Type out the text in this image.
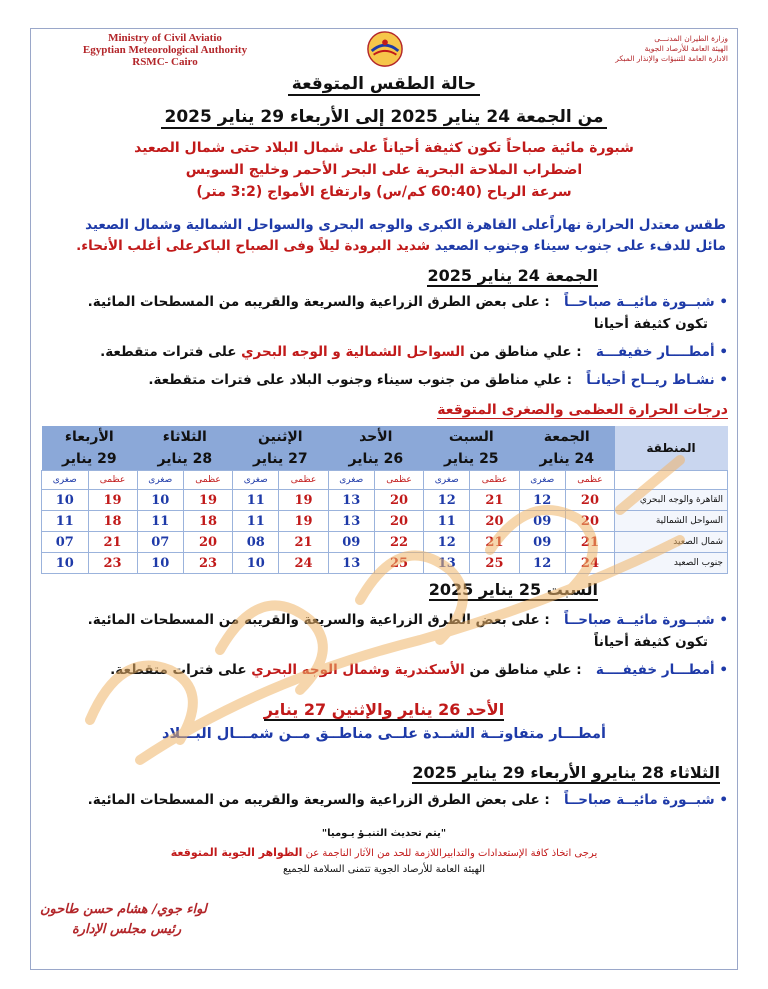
Ministry of Civil Aviatio
Egyptian Meteorological Authority
RSMC- Cairo
وزارة الطيران المدنـــى
الهيئة العامة للأرصاد الجوية
الادارة العامة للتنبؤات والإنذار المبكر
حالة الطقس المتوقعة
من الجمعة 24 يناير 2025 إلى الأربعاء 29 يناير 2025
شبورة مائية صباحاً تكون كثيفة أحياناً على شمال البلاد حتى شمال الصعيد
اضطراب الملاحة البحرية على البحر الأحمر وخليج السويس
سرعة الرياح (60:40 كم/س) وارتفاع الأمواج (3:2 متر)
طقس معتدل الحرارة نهاراًعلى القاهرة الكبرى والوجه البحرى والسواحل الشمالية وشمال الصعيد
مائل للدفء على جنوب سيناء وجنوب الصعيد شديد البرودة ليلاً وفى الصباح الباكرعلى أغلب الأنحاء.
الجمعة 24 يناير 2025
• شبــورة مائيــة صباحــاً   : على بعض الطرق الزراعية والسريعة والقريبه من المسطحات المائية.
تكون كثيفة أحيانا
• أمطــــار خفيفـــة   : علي مناطق من السواحل الشمالية و الوجه البحري على فترات متقطعة.
• نشـاط ريــاح أحيانـاً   : علي مناطق من جنوب سيناء وجنوب البلاد على فترات متقطعة.
درجات الحرارة العظمى والصغرى المتوقعة
المنطقة	الجمعة		السبت		الأحد		الإثنين		الثلاثاء		الأربعاء	
	24 يناير		25 يناير		26 يناير		27 يناير		28 يناير		29 يناير	
	عظمى	صغرى	عظمى	صغرى	عظمى	صغرى	عظمى	صغرى	عظمى	صغرى	عظمى	صغرى
القاهرة والوجه البحري	20	12	21	12	20	13	19	11	19	10	19	10
السواحل الشمالية	20	09	20	11	20	13	19	11	18	11	18	11
شمال الصعيد	21	09	21	12	22	09	21	08	20	07	21	07
جنوب الصعيد	24	12	25	13	25	13	24	10	23	10	23	10
السبت 25 يناير 2025
• شبــورة مائيــة صباحــاً   : على بعض الطرق الزراعية والسريعة والقريبه من المسطحات المائية.
تكون كثيفة أحياناً
• أمطـــار خفيفــــة   : علي مناطق من الأسكندرية وشمال الوجه البحري على فترات متقطعة.
الأحد 26 يناير والإثنين 27 يناير
أمطـــار متفاوتــة الشــدة علــى مناطــق مــن شمـــال البـــلاد
الثلاثاء 28 ينايرو الأربعاء 29 يناير 2025
• شبــورة مائيــة صباحــاً   : على بعض الطرق الزراعية والسريعة والقريبه من المسطحات المائية.
"يتم تحديث التنبـؤ يـوميا"
يرجى اتخاذ كافة الإستعدادات والتدابيراللازمة للحد من الآثار الناجمة عن الظواهر الجوية المتوقعة
الهيئة العامة للأرصاد الجوية تتمنى السلامة للجميع
لواء جوي/ هشام حسن طاحون
رئيس مجلس الإدارة
